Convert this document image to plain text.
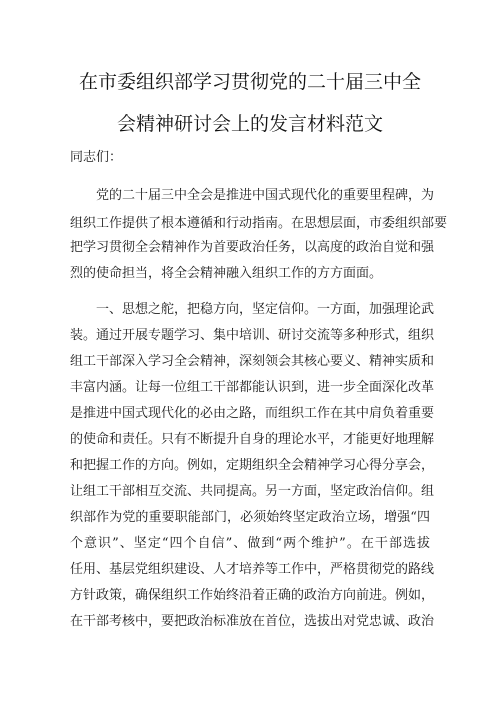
在市委组织部学习贯彻党的二十届三中全
会精神研讨会上的发言材料范文
同志们：
党的二十届三中全会是推进中国式现代化的重要里程碑，为
组织工作提供了根本遵循和行动指南。在思想层面，市委组织部要
把学习贯彻全会精神作为首要政治任务，以高度的政治自觉和强
烈的使命担当，将全会精神融入组织工作的方方面面。
一、思想之舵，把稳方向，坚定信仰。一方面，加强理论武
装。通过开展专题学习、集中培训、研讨交流等多种形式，组织
组工干部深入学习全会精神，深刻领会其核心要义、精神实质和
丰富内涵。让每一位组工干部都能认识到，进一步全面深化改革
是推进中国式现代化的必由之路，而组织工作在其中肩负着重要
的使命和责任。只有不断提升自身的理论水平，才能更好地理解
和把握工作的方向。例如，定期组织全会精神学习心得分享会，
让组工干部相互交流、共同提高。另一方面，坚定政治信仰。组
织部作为党的重要职能部门，必须始终坚定政治立场，增强“四
个意识”、坚定“四个自信”、做到“两个维护”。在干部选拔
任用、基层党组织建设、人才培养等工作中，严格贯彻党的路线
方针政策，确保组织工作始终沿着正确的政治方向前进。例如，
在干部考核中，要把政治标准放在首位，选拔出对党忠诚、政治
